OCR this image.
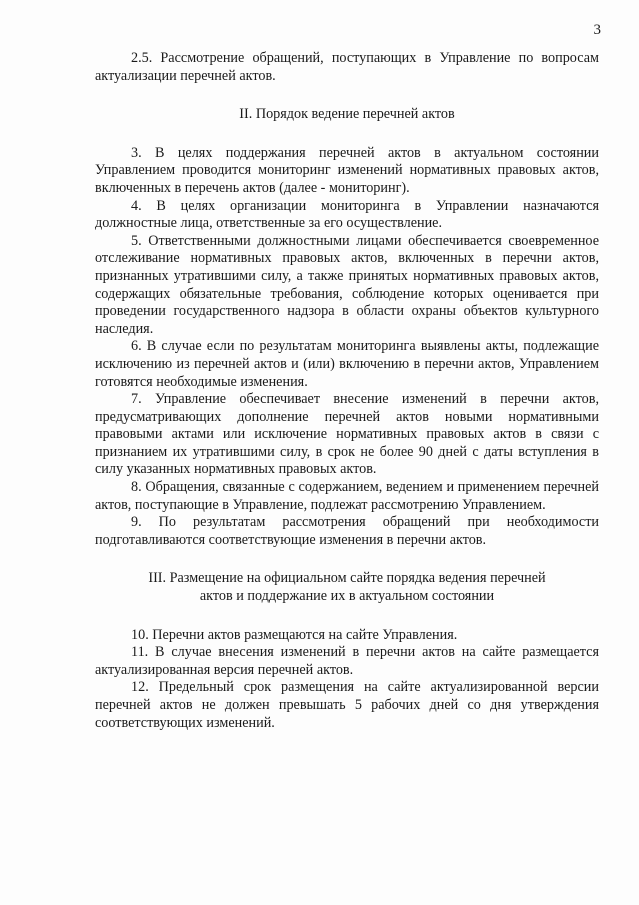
3

2.5. Рассмотрение обращений, поступающих в Управление по вопросам актуализации перечней актов.

II. Порядок ведение перечней актов

3. В целях поддержания перечней актов в актуальном состоянии Управлением проводится мониторинг изменений нормативных правовых актов, включенных в перечень актов (далее - мониторинг).

4. В целях организации мониторинга в Управлении назначаются должностные лица, ответственные за его осуществление.

5. Ответственными должностными лицами обеспечивается своевременное отслеживание нормативных правовых актов, включенных в перечни актов, признанных утратившими силу, а также принятых нормативных правовых актов, содержащих обязательные требования, соблюдение которых оценивается при проведении государственного надзора в области охраны объектов культурного наследия.

6. В случае если по результатам мониторинга выявлены акты, подлежащие исключению из перечней актов и (или) включению в перечни актов, Управлением готовятся необходимые изменения.

7. Управление обеспечивает внесение изменений в перечни актов, предусматривающих дополнение перечней актов новыми нормативными правовыми актами или исключение нормативных правовых актов в связи с признанием их утратившими силу, в срок не более 90 дней с даты вступления в силу указанных нормативных правовых актов.

8. Обращения, связанные с содержанием, ведением и применением перечней актов, поступающие в Управление, подлежат рассмотрению Управлением.

9. По результатам рассмотрения обращений при необходимости подготавливаются соответствующие изменения в перечни актов.

III. Размещение на официальном сайте порядка ведения перечней

актов и поддержание их в актуальном состоянии

10. Перечни актов размещаются на сайте Управления.

11. В случае внесения изменений в перечни актов на сайте размещается актуализированная версия перечней актов.

12. Предельный срок размещения на сайте актуализированной версии перечней актов не должен превышать 5 рабочих дней со дня утверждения соответствующих изменений.
